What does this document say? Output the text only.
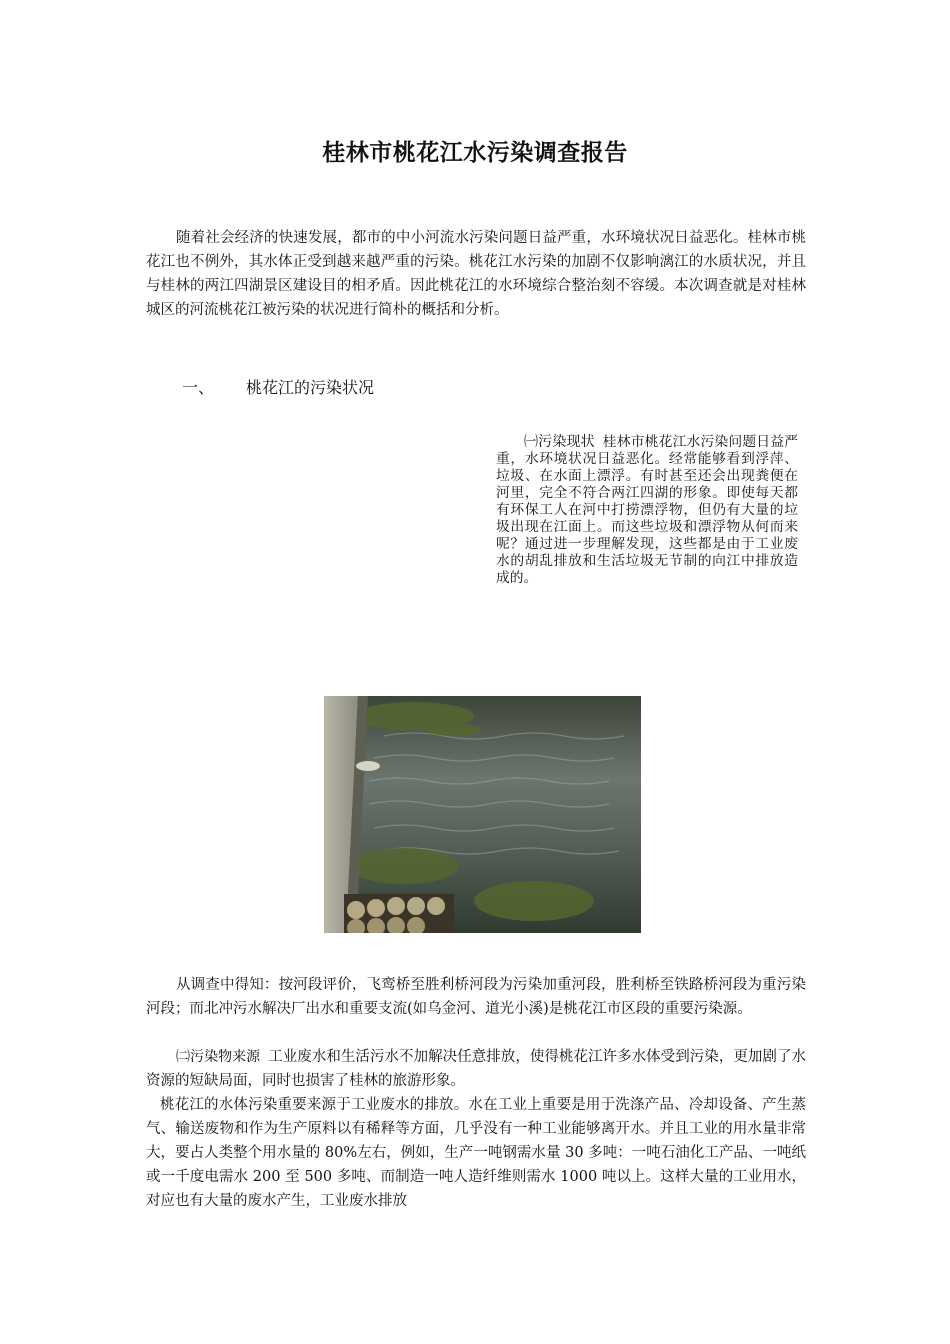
桂林市桃花江水污染调查报告

随着社会经济的快速发展，都市的中小河流水污染问题日益严重，水环境状况日益恶化。桂林市桃花江也不例外，其水体正受到越来越严重的污染。桃花江水污染的加剧不仅影响漓江的水质状况，并且与桂林的两江四湖景区建设目的相矛盾。因此桃花江的水环境综合整治刻不容缓。本次调查就是对桂林城区的河流桃花江被污染的状况进行简朴的概括和分析。

一、 桃花江的污染状况

㈠污染现状 桂林市桃花江水污染问题日益严重，水环境状况日益恶化。经常能够看到浮萍、垃圾、在水面上漂浮。有时甚至还会出现粪便在河里，完全不符合两江四湖的形象。即使每天都有环保工人在河中打捞漂浮物，但仍有大量的垃圾出现在江面上。而这些垃圾和漂浮物从何而来呢？通过进一步理解发现，这些都是由于工业废水的胡乱排放和生活垃圾无节制的向江中排放造成的。

从调查中得知：按河段评价，飞鸾桥至胜利桥河段为污染加重河段，胜利桥至铁路桥河段为重污染河段；而北冲污水解决厂出水和重要支流(如乌金河、道光小溪)是桃花江市区段的重要污染源。

㈡污染物来源 工业废水和生活污水不加解决任意排放，使得桃花江许多水体受到污染，更加剧了水资源的短缺局面，同时也损害了桂林的旅游形象。

桃花江的水体污染重要来源于工业废水的排放。水在工业上重要是用于洗涤产品、冷却设备、产生蒸气、输送废物和作为生产原料以有稀释等方面，几乎没有一种工业能够离开水。并且工业的用水量非常大，要占人类整个用水量的 80%左右，例如，生产一吨钢需水量 30 多吨：一吨石油化工产品、一吨纸或一千度电需水 200 至 500 多吨、而制造一吨人造纤维则需水 1000 吨以上。这样大量的工业用水，对应也有大量的废水产生，工业废水排放
